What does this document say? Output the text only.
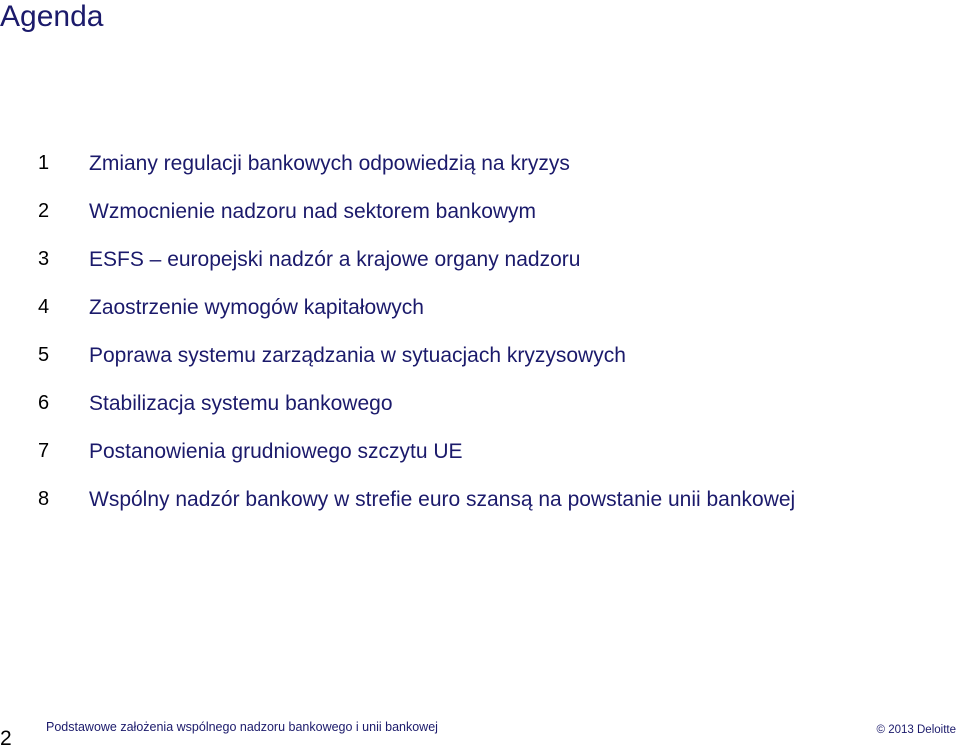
Agenda
1 Zmiany regulacji bankowych odpowiedzią na kryzys
2 Wzmocnienie nadzoru nad sektorem bankowym
3 ESFS – europejski nadzór a krajowe organy nadzoru
4 Zaostrzenie wymogów kapitałowych
5 Poprawa systemu zarządzania w sytuacjach kryzysowych
6 Stabilizacja systemu bankowego
7 Postanowienia grudniowego szczytu UE
8 Wspólny nadzór bankowy w strefie euro szansą na powstanie unii bankowej
2	Podstawowe założenia wspólnego nadzoru bankowego i unii bankowej	© 2013 Deloitte
